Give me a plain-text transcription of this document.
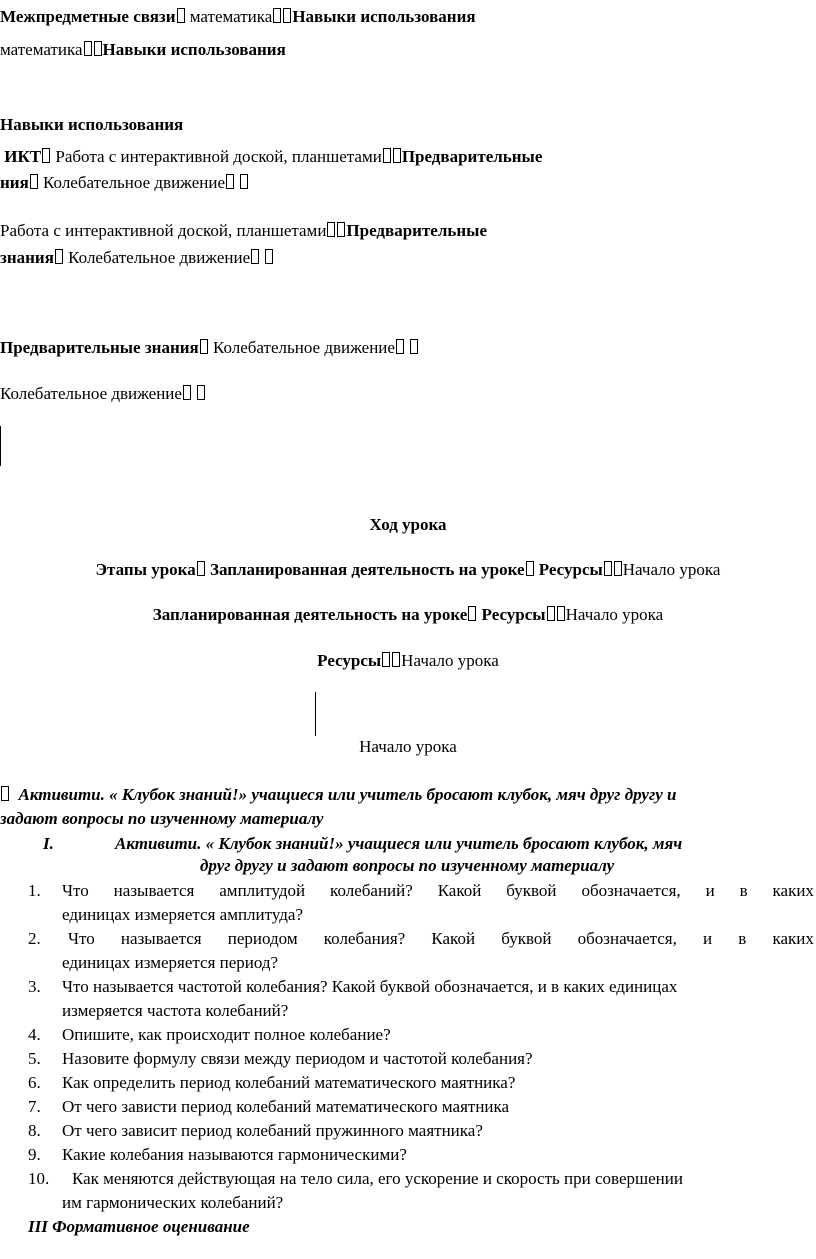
Межпредметные связи математика Навыки использования
математика Навыки использования
Навыки использования
ИКТ Работа с интерактивной доской, планшетами Предварительные
ния Колебательное движение
Работа с интерактивной доской, планшетами Предварительные
знания Колебательное движение
Предварительные знания Колебательное движение
Колебательное движение
Ход урока
Этапы урока Запланированная деятельность на уроке Ресурсы Начало урока
Запланированная деятельность на уроке Ресурсы Начало урока
Ресурсы Начало урока
Начало урока
Активити. « Клубок знаний!» учащиеся или учитель бросают клубок, мяч друг другу и
задают вопросы по изученному материалу
I.	Активити. « Клубок знаний!» учащиеся или учитель бросают клубок, мяч
друг другу и задают вопросы по изученному материалу
1. Что называется амплитудой колебаний? Какой буквой обозначается, и в каких
единицах измеряется амплитуда?
2. Что называется периодом колебания? Какой буквой обозначается, и в каких
единицах измеряется период?
3. Что называется частотой колебания? Какой буквой обозначается, и в каких единицах
измеряется частота колебаний?
4. Опишите, как происходит полное колебание?
5. Назовите формулу связи между периодом и частотой колебания?
6. Как определить период колебаний математического маятника?
7. От чего зависти период колебаний математического маятника
8. От чего зависит период колебаний пружинного маятника?
9. Какие колебания называются гармоническими?
10. Как меняются действующая на тело сила, его ускорение и скорость при совершении
им гармонических колебаний?
III Формативное оценивание
